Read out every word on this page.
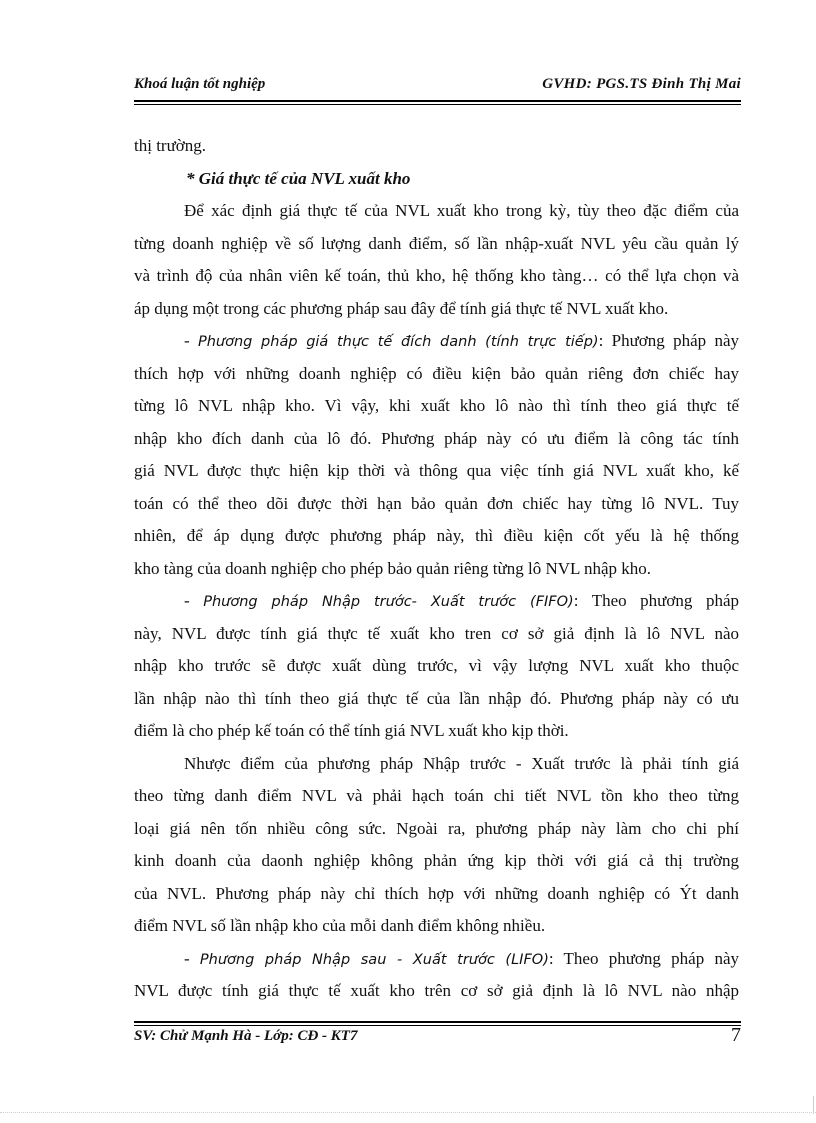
Khoá luận tốt nghiệp	GVHD: PGS.TS Đinh Thị Mai
thị trường.
* Giá thực tế của NVL xuất kho
Để xác định giá thực tế của NVL xuất kho trong kỳ, tùy theo đặc điểm của
từng doanh nghiệp về số lượng danh điểm, số lần nhập-xuất NVL yêu cầu quản lý
và trình độ của nhân viên kế toán, thủ kho, hệ thống kho tàng… có thể lựa chọn và
áp dụng một trong các phương pháp sau đây để tính giá thực tế NVL xuất kho.
- Phương pháp giá thực tế đích danh (tính trực tiếp): Phương pháp này
thích hợp với những doanh nghiệp có điều kiện bảo quản riêng đơn chiếc hay
từng lô NVL nhập kho. Vì vậy, khi xuất kho lô nào thì tính theo giá thực tế
nhập kho đích danh của lô đó. Phương pháp này có ưu điểm là công tác tính
giá NVL được thực hiện kịp thời và thông qua việc tính giá NVL xuất kho, kế
toán có thể theo dõi được thời hạn bảo quản đơn chiếc hay từng lô NVL. Tuy
nhiên, để áp dụng được phương pháp này, thì điều kiện cốt yếu là hệ thống
kho tàng của doanh nghiệp cho phép bảo quản riêng từng lô NVL nhập kho.
- Phương pháp Nhập trước- Xuất trước (FIFO): Theo phương pháp
này, NVL được tính giá thực tế xuất kho tren cơ sở giả định là lô NVL nào
nhập kho trước sẽ được xuất dùng trước, vì vậy lượng NVL xuất kho thuộc
lần nhập nào thì tính theo giá thực tế của lần nhập đó. Phương pháp này có ưu
điểm là cho phép kế toán có thể tính giá NVL xuất kho kịp thời.
Nhược điểm của phương pháp Nhập trước - Xuất trước là phải tính giá
theo từng danh điểm NVL và phải hạch toán chi tiết NVL tồn kho theo từng
loại giá nên tốn nhiều công sức. Ngoài ra, phương pháp này làm cho chi phí
kinh doanh của daonh nghiệp không phản ứng kịp thời với giá cả thị trường
của NVL. Phương pháp này chỉ thích hợp với những doanh nghiệp có Ýt danh
điểm NVL số lần nhập kho của mỗi danh điểm không nhiều.
- Phương pháp Nhập sau - Xuất trước (LIFO): Theo phương pháp này
NVL được tính giá thực tế xuất kho trên cơ sở giả định là lô NVL nào nhập
SV: Chử Mạnh Hà - Lớp: CĐ - KT7	7
